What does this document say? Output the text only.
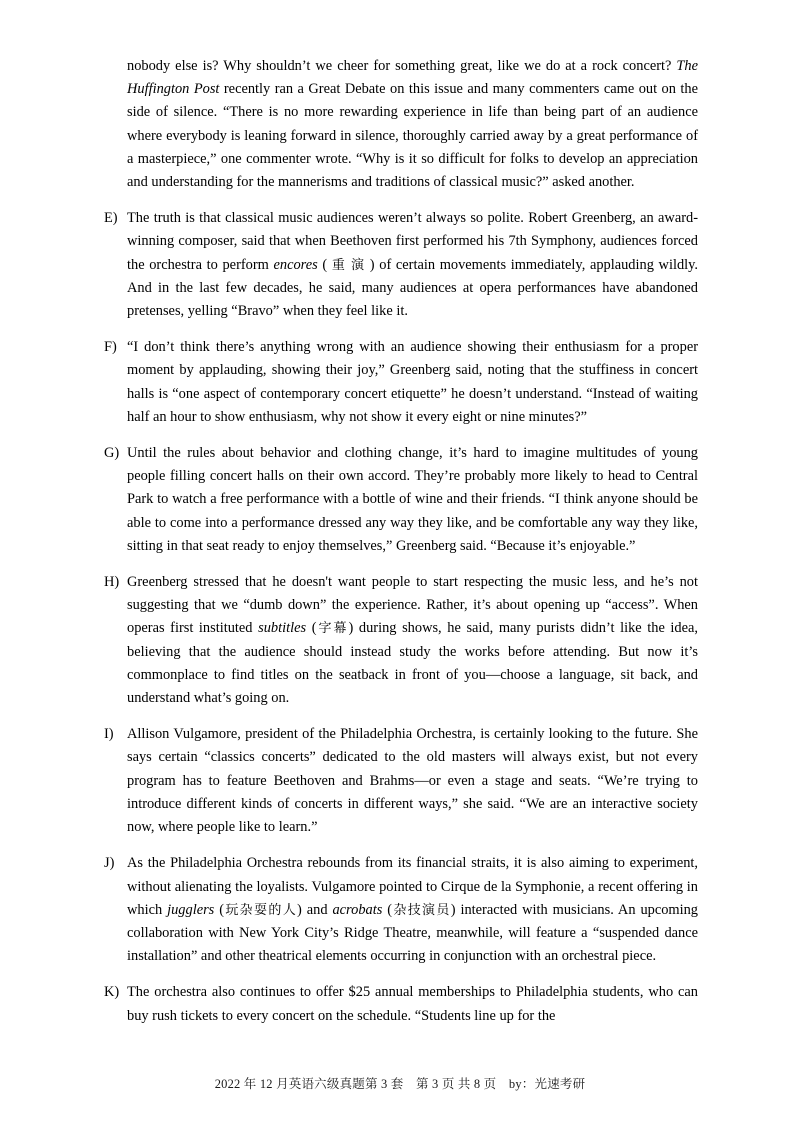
nobody else is? Why shouldn’t we cheer for something great, like we do at a rock concert? The Huffington Post recently ran a Great Debate on this issue and many commenters came out on the side of silence. “There is no more rewarding experience in life than being part of an audience where everybody is leaning forward in silence, thoroughly carried away by a great performance of a masterpiece,” one commenter wrote. “Why is it so difficult for folks to develop an appreciation and understanding for the mannerisms and traditions of classical music?” asked another.
E) The truth is that classical music audiences weren’t always so polite. Robert Greenberg, an award-winning composer, said that when Beethoven first performed his 7th Symphony, audiences forced the orchestra to perform encores ( 重 演 ) of certain movements immediately, applauding wildly. And in the last few decades, he said, many audiences at opera performances have abandoned pretenses, yelling “Bravo” when they feel like it.
F) “I don’t think there’s anything wrong with an audience showing their enthusiasm for a proper moment by applauding, showing their joy,” Greenberg said, noting that the stuffiness in concert halls is “one aspect of contemporary concert etiquette” he doesn’t understand. “Instead of waiting half an hour to show enthusiasm, why not show it every eight or nine minutes?”
G) Until the rules about behavior and clothing change, it’s hard to imagine multitudes of young people filling concert halls on their own accord. They’re probably more likely to head to Central Park to watch a free performance with a bottle of wine and their friends. “I think anyone should be able to come into a performance dressed any way they like, and be comfortable any way they like, sitting in that seat ready to enjoy themselves,” Greenberg said. “Because it’s enjoyable.”
H) Greenberg stressed that he doesn't want people to start respecting the music less, and he’s not suggesting that we “dumb down” the experience. Rather, it’s about opening up “access”. When operas first instituted subtitles (字幕) during shows, he said, many purists didn’t like the idea, believing that the audience should instead study the works before attending. But now it’s commonplace to find titles on the seatback in front of you—choose a language, sit back, and understand what’s going on.
I) Allison Vulgamore, president of the Philadelphia Orchestra, is certainly looking to the future. She says certain “classics concerts” dedicated to the old masters will always exist, but not every program has to feature Beethoven and Brahms—or even a stage and seats. “We’re trying to introduce different kinds of concerts in different ways,” she said. “We are an interactive society now, where people like to learn.”
J) As the Philadelphia Orchestra rebounds from its financial straits, it is also aiming to experiment, without alienating the loyalists. Vulgamore pointed to Cirque de la Symphonie, a recent offering in which jugglers (玩杂耍的人) and acrobats (杂技演员) interacted with musicians. An upcoming collaboration with New York City’s Ridge Theatre, meanwhile, will feature a “suspended dance installation” and other theatrical elements occurring in conjunction with an orchestral piece.
K) The orchestra also continues to offer $25 annual memberships to Philadelphia students, who can buy rush tickets to every concert on the schedule. “Students line up for the
2022 年 12 月英语六级真题第 3 套 第 3 页 共 8 页 by：光速考研
